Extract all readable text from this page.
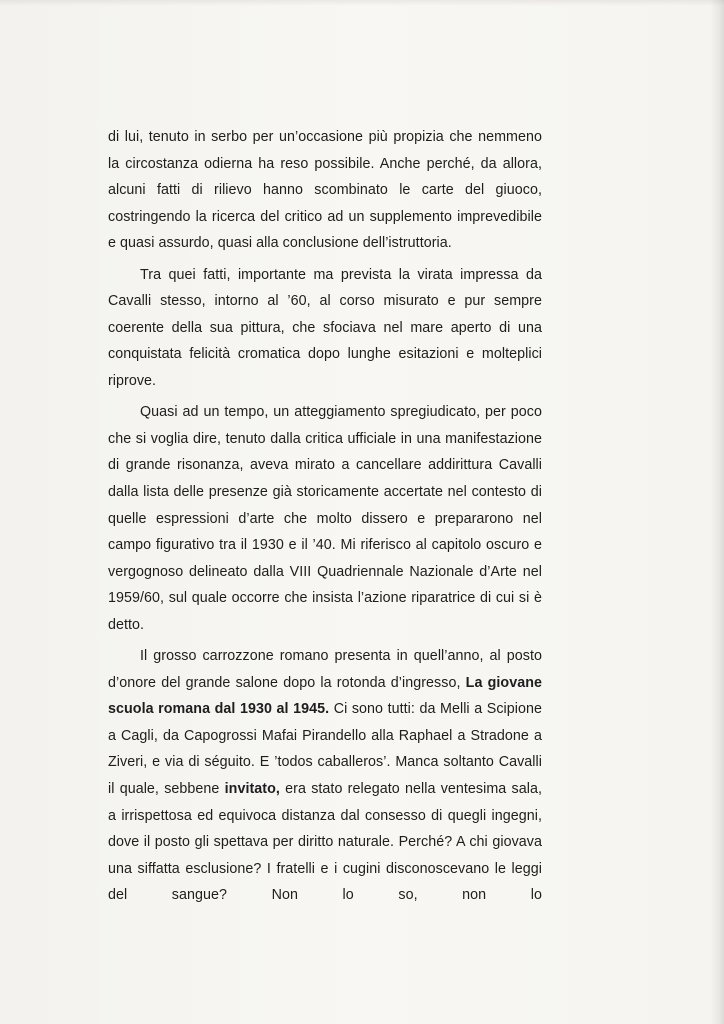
di lui, tenuto in serbo per un’occasione più propizia che nemmeno la circostanza odierna ha reso possibile. Anche perché, da allora, alcuni fatti di rilievo hanno scombinato le carte del giuoco, costringendo la ricerca del critico ad un supplemento imprevedibile e quasi assurdo, quasi alla conclusione dell’istruttoria.

Tra quei fatti, importante ma prevista la virata impressa da Cavalli stesso, intorno al ’60, al corso misurato e pur sempre coerente della sua pittura, che sfociava nel mare aperto di una conquistata felicità cromatica dopo lunghe esitazioni e molteplici riprove.

Quasi ad un tempo, un atteggiamento spregiudicato, per poco che si voglia dire, tenuto dalla critica ufficiale in una manifestazione di grande risonanza, aveva mirato a cancellare addirittura Cavalli dalla lista delle presenze già storicamente accertate nel contesto di quelle espressioni d’arte che molto dissero e prepararono nel campo figurativo tra il 1930 e il ’40. Mi riferisco al capitolo oscuro e vergognoso delineato dalla VIII Quadriennale Nazionale d’Arte nel 1959/60, sul quale occorre che insista l’azione riparatrice di cui si è detto.

Il grosso carrozzone romano presenta in quell’anno, al posto d’onore del grande salone dopo la rotonda d’ingresso, La giovane scuola romana dal 1930 al 1945. Ci sono tutti: da Melli a Scipione a Cagli, da Capogrossi Mafai Pirandello alla Raphael a Stradone a Ziveri, e via di séguito. E ’todos caballeros’. Manca soltanto Cavalli il quale, sebbene invitato, era stato relegato nella ventesima sala, a irrispettosa ed equivoca distanza dal consesso di quegli ingegni, dove il posto gli spettava per diritto naturale. Perché? A chi giovava una siffatta esclusione? I fratelli e i cugini disconoscevano le leggi del sangue? Non lo so, non lo
